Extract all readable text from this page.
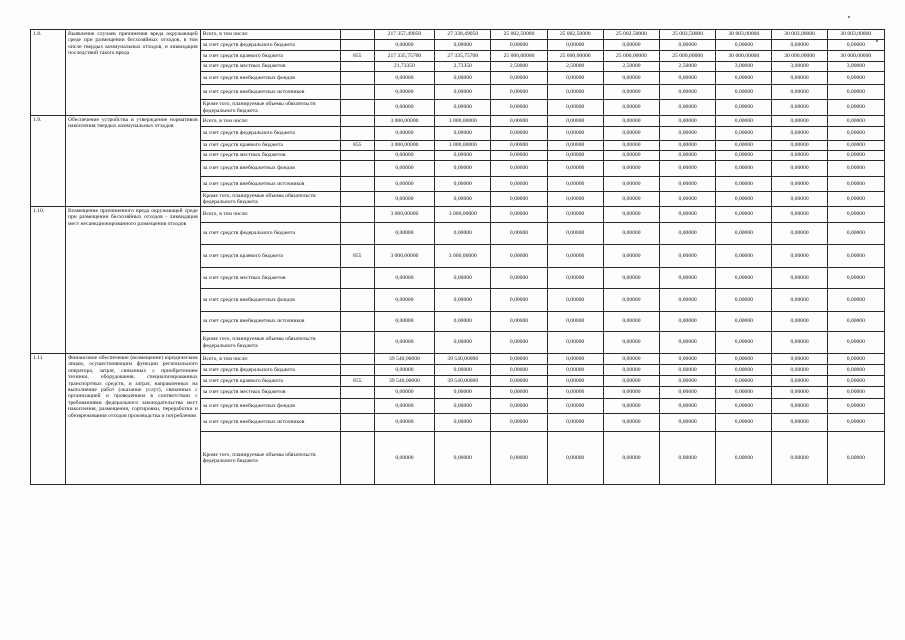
1.8.	Выявление случаев причинения вреда окружающей среде при размещении бесхозяйных отходов, в том числе твердых коммунальных отходов, и ликвидация последствий такого вреда	Всего, в том числе:		217 357,49050	27 338,49050	25 002,50000	25 002,50000	25 002,50000	25 002,50000	30 003,00000	30 003,00000	30 003,00000
		за счет средств федерального бюджета		0,00000	0,00000	0,00000	0,00000	0,00000	0,00000	0,00000	0,00000	0,00000
		за счет средств краевого бюджета	855	217 335,75700	27 335,75700	25 000,00000	25 000,00000	25 000,00000	25 000,00000	30 000,00000	30 000,00000	30 000,00000
		за счет средств местных бюджетов		21,73350	2,73350	2,50000	2,50000	2,50000	2,50000	3,00000	3,00000	3,00000
		за счет средств внебюджетных фондов		0,00000	0,00000	0,00000	0,00000	0,00000	0,00000	0,00000	0,00000	0,00000
		за счет средств внебюджетных источников		0,00000	0,00000	0,00000	0,00000	0,00000	0,00000	0,00000	0,00000	0,00000
		Кроме того, планируемые объемы обязательств федерального бюджета		0,00000	0,00000	0,00000	0,00000	0,00000	0,00000	0,00000	0,00000	0,00000
1.9.	Обеспечение устройства и утверждение нормативов накопления твердых коммунальных отходов	Всего, в том числе:		3 000,00000	3 000,00000	0,00000	0,00000	0,00000	0,00000	0,00000	0,00000	0,00000
		за счет средств федерального бюджета		0,00000	0,00000	0,00000	0,00000	0,00000	0,00000	0,00000	0,00000	0,00000
		за счет средств краевого бюджета	855	3 000,00000	3 000,00000	0,00000	0,00000	0,00000	0,00000	0,00000	0,00000	0,00000
		за счет средств местных бюджетов		0,00000	0,00000	0,00000	0,00000	0,00000	0,00000	0,00000	0,00000	0,00000
		за счет средств внебюджетных фондов		0,00000	0,00000	0,00000	0,00000	0,00000	0,00000	0,00000	0,00000	0,00000
		за счет средств внебюджетных источников		0,00000	0,00000	0,00000	0,00000	0,00000	0,00000	0,00000	0,00000	0,00000
		Кроме того, планируемые объемы обязательств федерального бюджета		0,00000	0,00000	0,00000	0,00000	0,00000	0,00000	0,00000	0,00000	0,00000
1.10.	Возмещение причиненного вреда окружающей среде при размещении бесхозяйных отходов - ликвидация мест несанкционированного размещения отходов	Всего, в том числе:		3 000,00000	3 000,00000	0,00000	0,00000	0,00000	0,00000	0,00000	0,00000	0,00000
		за счет средств федерального бюджета		0,00000	0,00000	0,00000	0,00000	0,00000	0,00000	0,00000	0,00000	0,00000
		за счет средств краевого бюджета	855	3 000,00000	3 000,00000	0,00000	0,00000	0,00000	0,00000	0,00000	0,00000	0,00000
		за счет средств местных бюджетов		0,00000	0,00000	0,00000	0,00000	0,00000	0,00000	0,00000	0,00000	0,00000
		за счет средств внебюджетных фондов		0,00000	0,00000	0,00000	0,00000	0,00000	0,00000	0,00000	0,00000	0,00000
		за счет средств внебюджетных источников		0,00000	0,00000	0,00000	0,00000	0,00000	0,00000	0,00000	0,00000	0,00000
		Кроме того, планируемые объемы обязательств федерального бюджета		0,00000	0,00000	0,00000	0,00000	0,00000	0,00000	0,00000	0,00000	0,00000
1.11	Финансовое обеспечение (возмещение) юридическим лицам, осуществляющим функции регионального оператора, затрат, связанных с приобретением техники, оборудования, специализированных транспортных средств, и затрат, направленных на выполнение работ (оказание услуг), связанных с организацией и проведением в соответствии с требованиями федерального законодательства мест накопления, размещения, сортировки, переработки и обезвреживания отходов производства и потребления	Всего, в том числе:		39 540,00000	39 540,00000	0,00000	0,00000	0,00000	0,00000	0,00000	0,00000	0,00000
		за счет средств федерального бюджета		0,00000	0,00000	0,00000	0,00000	0,00000	0,00000	0,00000	0,00000	0,00000
		за счет средств краевого бюджета	855	39 540,00000	39 540,00000	0,00000	0,00000	0,00000	0,00000	0,00000	0,00000	0,00000
		за счет средств местных бюджетов		0,00000	0,00000	0,00000	0,00000	0,00000	0,00000	0,00000	0,00000	0,00000
		за счет средств внебюджетных фондов		0,00000	0,00000	0,00000	0,00000	0,00000	0,00000	0,00000	0,00000	0,00000
		за счет средств внебюджетных источников		0,00000	0,00000	0,00000	0,00000	0,00000	0,00000	0,00000	0,00000	0,00000
		Кроме того, планируемые объемы обязательств федерального бюджета		0,00000	0,00000	0,00000	0,00000	0,00000	0,00000	0,00000	0,00000	0,00000
